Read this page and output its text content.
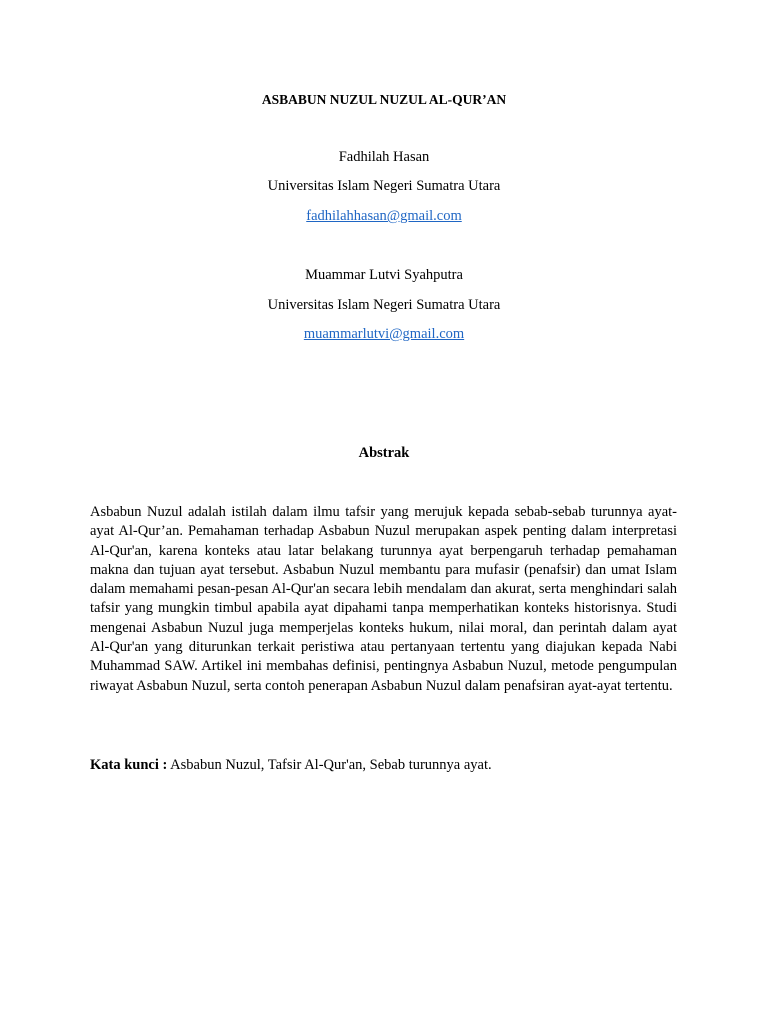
ASBABUN NUZUL NUZUL AL-QUR’AN
Fadhilah Hasan
Universitas Islam Negeri Sumatra Utara
fadhilahhasan@gmail.com
Muammar Lutvi Syahputra
Universitas Islam Negeri Sumatra Utara
muammarlutvi@gmail.com
Abstrak

Asbabun Nuzul adalah istilah dalam ilmu tafsir yang merujuk kepada sebab-sebab turunnya ayat-ayat Al-Qur’an. Pemahaman terhadap Asbabun Nuzul merupakan aspek penting dalam interpretasi Al-Qur'an, karena konteks atau latar belakang turunnya ayat berpengaruh terhadap pemahaman makna dan tujuan ayat tersebut. Asbabun Nuzul membantu para mufasir (penafsir) dan umat Islam dalam memahami pesan-pesan Al-Qur'an secara lebih mendalam dan akurat, serta menghindari salah tafsir yang mungkin timbul apabila ayat dipahami tanpa memperhatikan konteks historisnya. Studi mengenai Asbabun Nuzul juga memperjelas konteks hukum, nilai moral, dan perintah dalam ayat Al-Qur'an yang diturunkan terkait peristiwa atau pertanyaan tertentu yang diajukan kepada Nabi Muhammad SAW. Artikel ini membahas definisi, pentingnya Asbabun Nuzul, metode pengumpulan riwayat Asbabun Nuzul, serta contoh penerapan Asbabun Nuzul dalam penafsiran ayat-ayat tertentu.

Kata kunci : Asbabun Nuzul, Tafsir Al-Qur'an, Sebab turunnya ayat.
